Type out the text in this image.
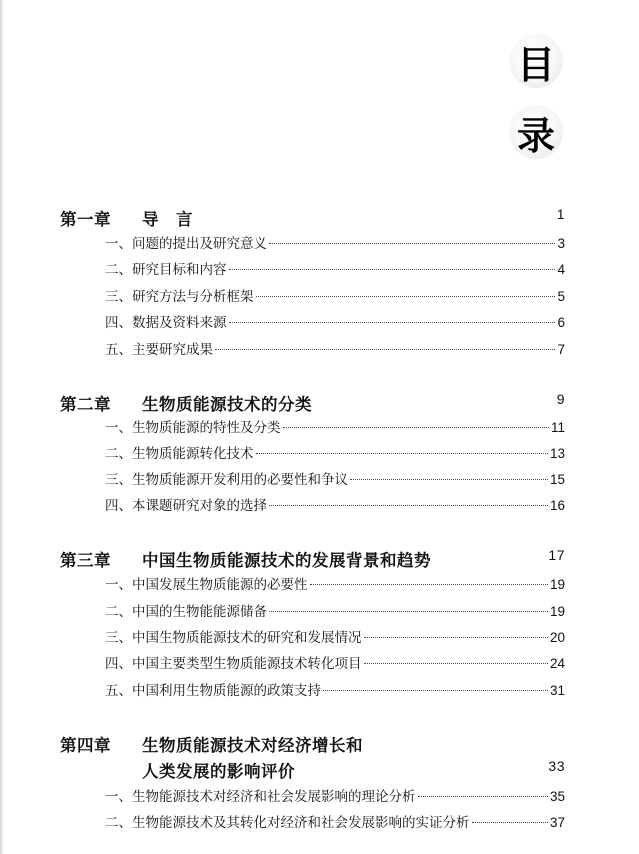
目
录
第一章	导　言	1
一、问题的提出及研究意义	3
二、研究目标和内容	4
三、研究方法与分析框架	5
四、数据及资料来源	6
五、主要研究成果	7
第二章	生物质能源技术的分类	9
一、生物质能源的特性及分类	11
二、生物质能源转化技术	13
三、生物质能源开发利用的必要性和争议	15
四、本课题研究对象的选择	16
第三章	中国生物质能源技术的发展背景和趋势	17
一、中国发展生物质能源的必要性	19
二、中国的生物能能源储备	19
三、中国生物质能源技术的研究和发展情况	20
四、中国主要类型生物质能源技术转化项目	24
五、中国利用生物质能源的政策支持	31
第四章	生物质能源技术对经济增长和
人类发展的影响评价	33
一、生物能源技术对经济和社会发展影响的理论分析	35
二、生物能源技术及其转化对经济和社会发展影响的实证分析	37
